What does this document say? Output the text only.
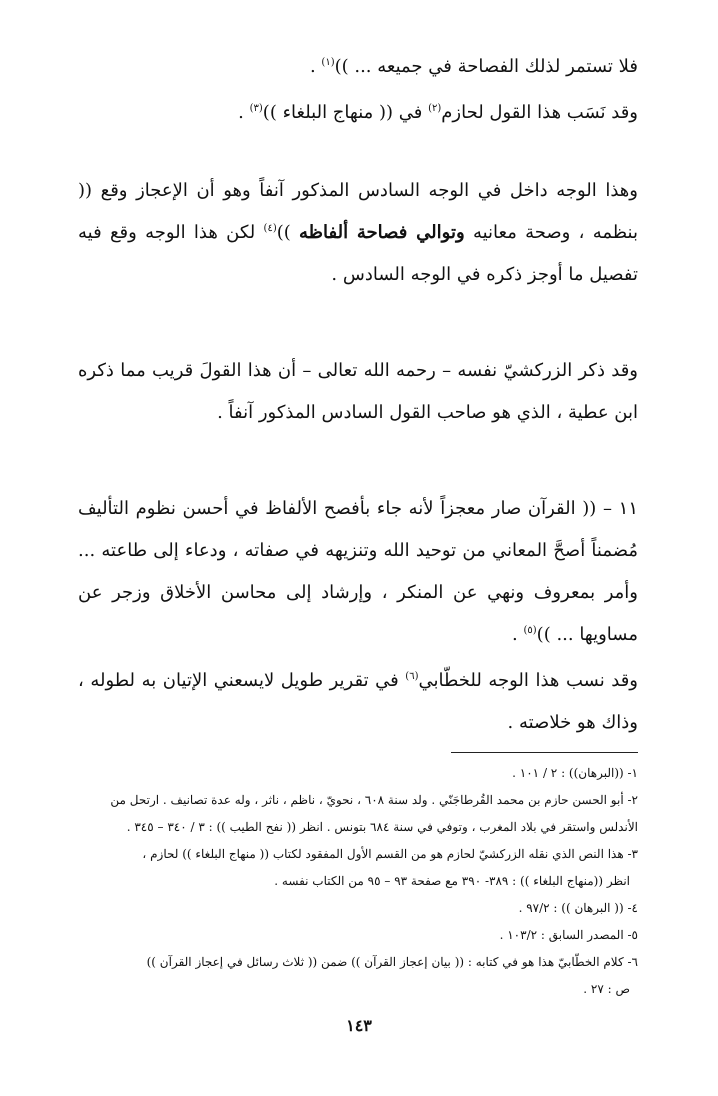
فلا تستمر لذلك الفصاحة في جميعه ... ))$^{(١)}$ .

وقد نَسَب هذا القول لحازم$^{(٢)}$ في (( منهاج البلغاء ))$^{(٣)}$ .

وهذا الوجه داخل في الوجه السادس المذكور آنفاً وهو أن الإعجاز وقع (( بنظمه ، وصحة معانيه وتوالي فصاحة ألفاظه ))$^{(٤)}$ لكن هذا الوجه وقع فيه تفصيل ما أوجز ذكره في الوجه السادس .

وقد ذكر الزركشيّ نفسه – رحمه الله تعالى – أن هذا القولَ قريب مما ذكره ابن عطية ، الذي هو صاحب القول السادس المذكور آنفاً .

١١ – (( القرآن صار معجزاً لأنه جاء بأفصح الألفاظ في أحسن نظوم التأليف مُضمناً أصحَّ المعاني من توحيد الله وتنزيهه في صفاته ، ودعاء إلى طاعته ... وأمر بمعروف ونهي عن المنكر ، وإرشاد إلى محاسن الأخلاق وزجر عن مساويها ... ))$^{(٥)}$ .

وقد نسب هذا الوجه للخطّابي$^{(٦)}$ في تقرير طويل لايسعني الإتيان به لطوله ، وذاك هو خلاصته .

١- ((البرهان)) : ٢ / ١٠١ .

٢- أبو الحسن حازم بن محمد القُرطاجَنّي . ولد سنة ٦٠٨ ، نحويّ ، ناظم ، ناثر ، وله عدة تصانيف . ارتحل من الأندلس واستقر في بلاد المغرب ، وتوفي في سنة ٦٨٤ بتونس . انظر (( نفح الطيب )) : ٣ / ٣٤٠ – ٣٤٥ .

٣- هذا النص الذي نقله الزركشيّ لحازم هو من القسم الأول المفقود لكتاب (( منهاج البلغاء )) لحازم ،

انظر ((منهاج البلغاء )) : ٣٨٩- ٣٩٠ مع صفحة ٩٣ – ٩٥ من الكتاب نفسه .

٤- (( البرهان )) : ٩٧/٢ .

٥- المصدر السابق : ١٠٣/٢ .

٦- كلام الخطّابيّ هذا هو في كتابه : (( بيان إعجاز القرآن )) ضمن (( ثلاث رسائل في إعجاز القرآن ))

ص : ٢٧ .

١٤٣
